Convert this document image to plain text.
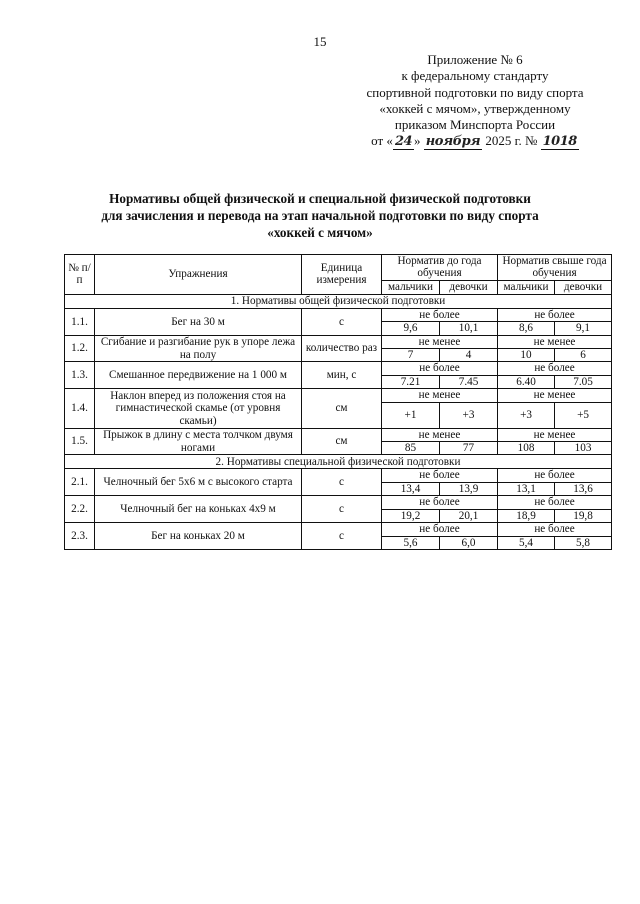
15
Приложение № 6
к федеральному стандарту
спортивной подготовки по виду спорта
«хоккей с мячом», утвержденному
приказом Минспорта России
от « 24 » ноября 2025 г. № 1018
Нормативы общей физической и специальной физической подготовки
для зачисления и перевода на этап начальной подготовки по виду спорта
«хоккей с мячом»
№ п/п	Упражнения	Единица измерения	Норматив до года обучения		Норматив свыше года обучения	
			мальчики	девочки	мальчики	девочки
1. Нормативы общей физической подготовки						
1.1.	Бег на 30 м	с	не более		не более	
			9,6	10,1	8,6	9,1
1.2.	Сгибание и разгибание рук в упоре лежа на полу	количество раз	не менее		не менее	
			7	4	10	6
1.3.	Смешанное передвижение на 1 000 м	мин, с	не более		не более	
			7.21	7.45	6.40	7.05
1.4.	Наклон вперед из положения стоя на гимнастической скамье (от уровня скамьи)	см	не менее		не менее	
			+1	+3	+3	+5
1.5.	Прыжок в длину с места толчком двумя ногами	см	не менее		не менее	
			85	77	108	103
2. Нормативы специальной физической подготовки						
2.1.	Челночный бег 5x6 м с высокого старта	с	не более		не более	
			13,4	13,9	13,1	13,6
2.2.	Челночный бег на коньках 4x9 м	с	не более		не более	
			19,2	20,1	18,9	19,8
2.3.	Бег на коньках 20 м	с	не более		не более	
			5,6	6,0	5,4	5,8
